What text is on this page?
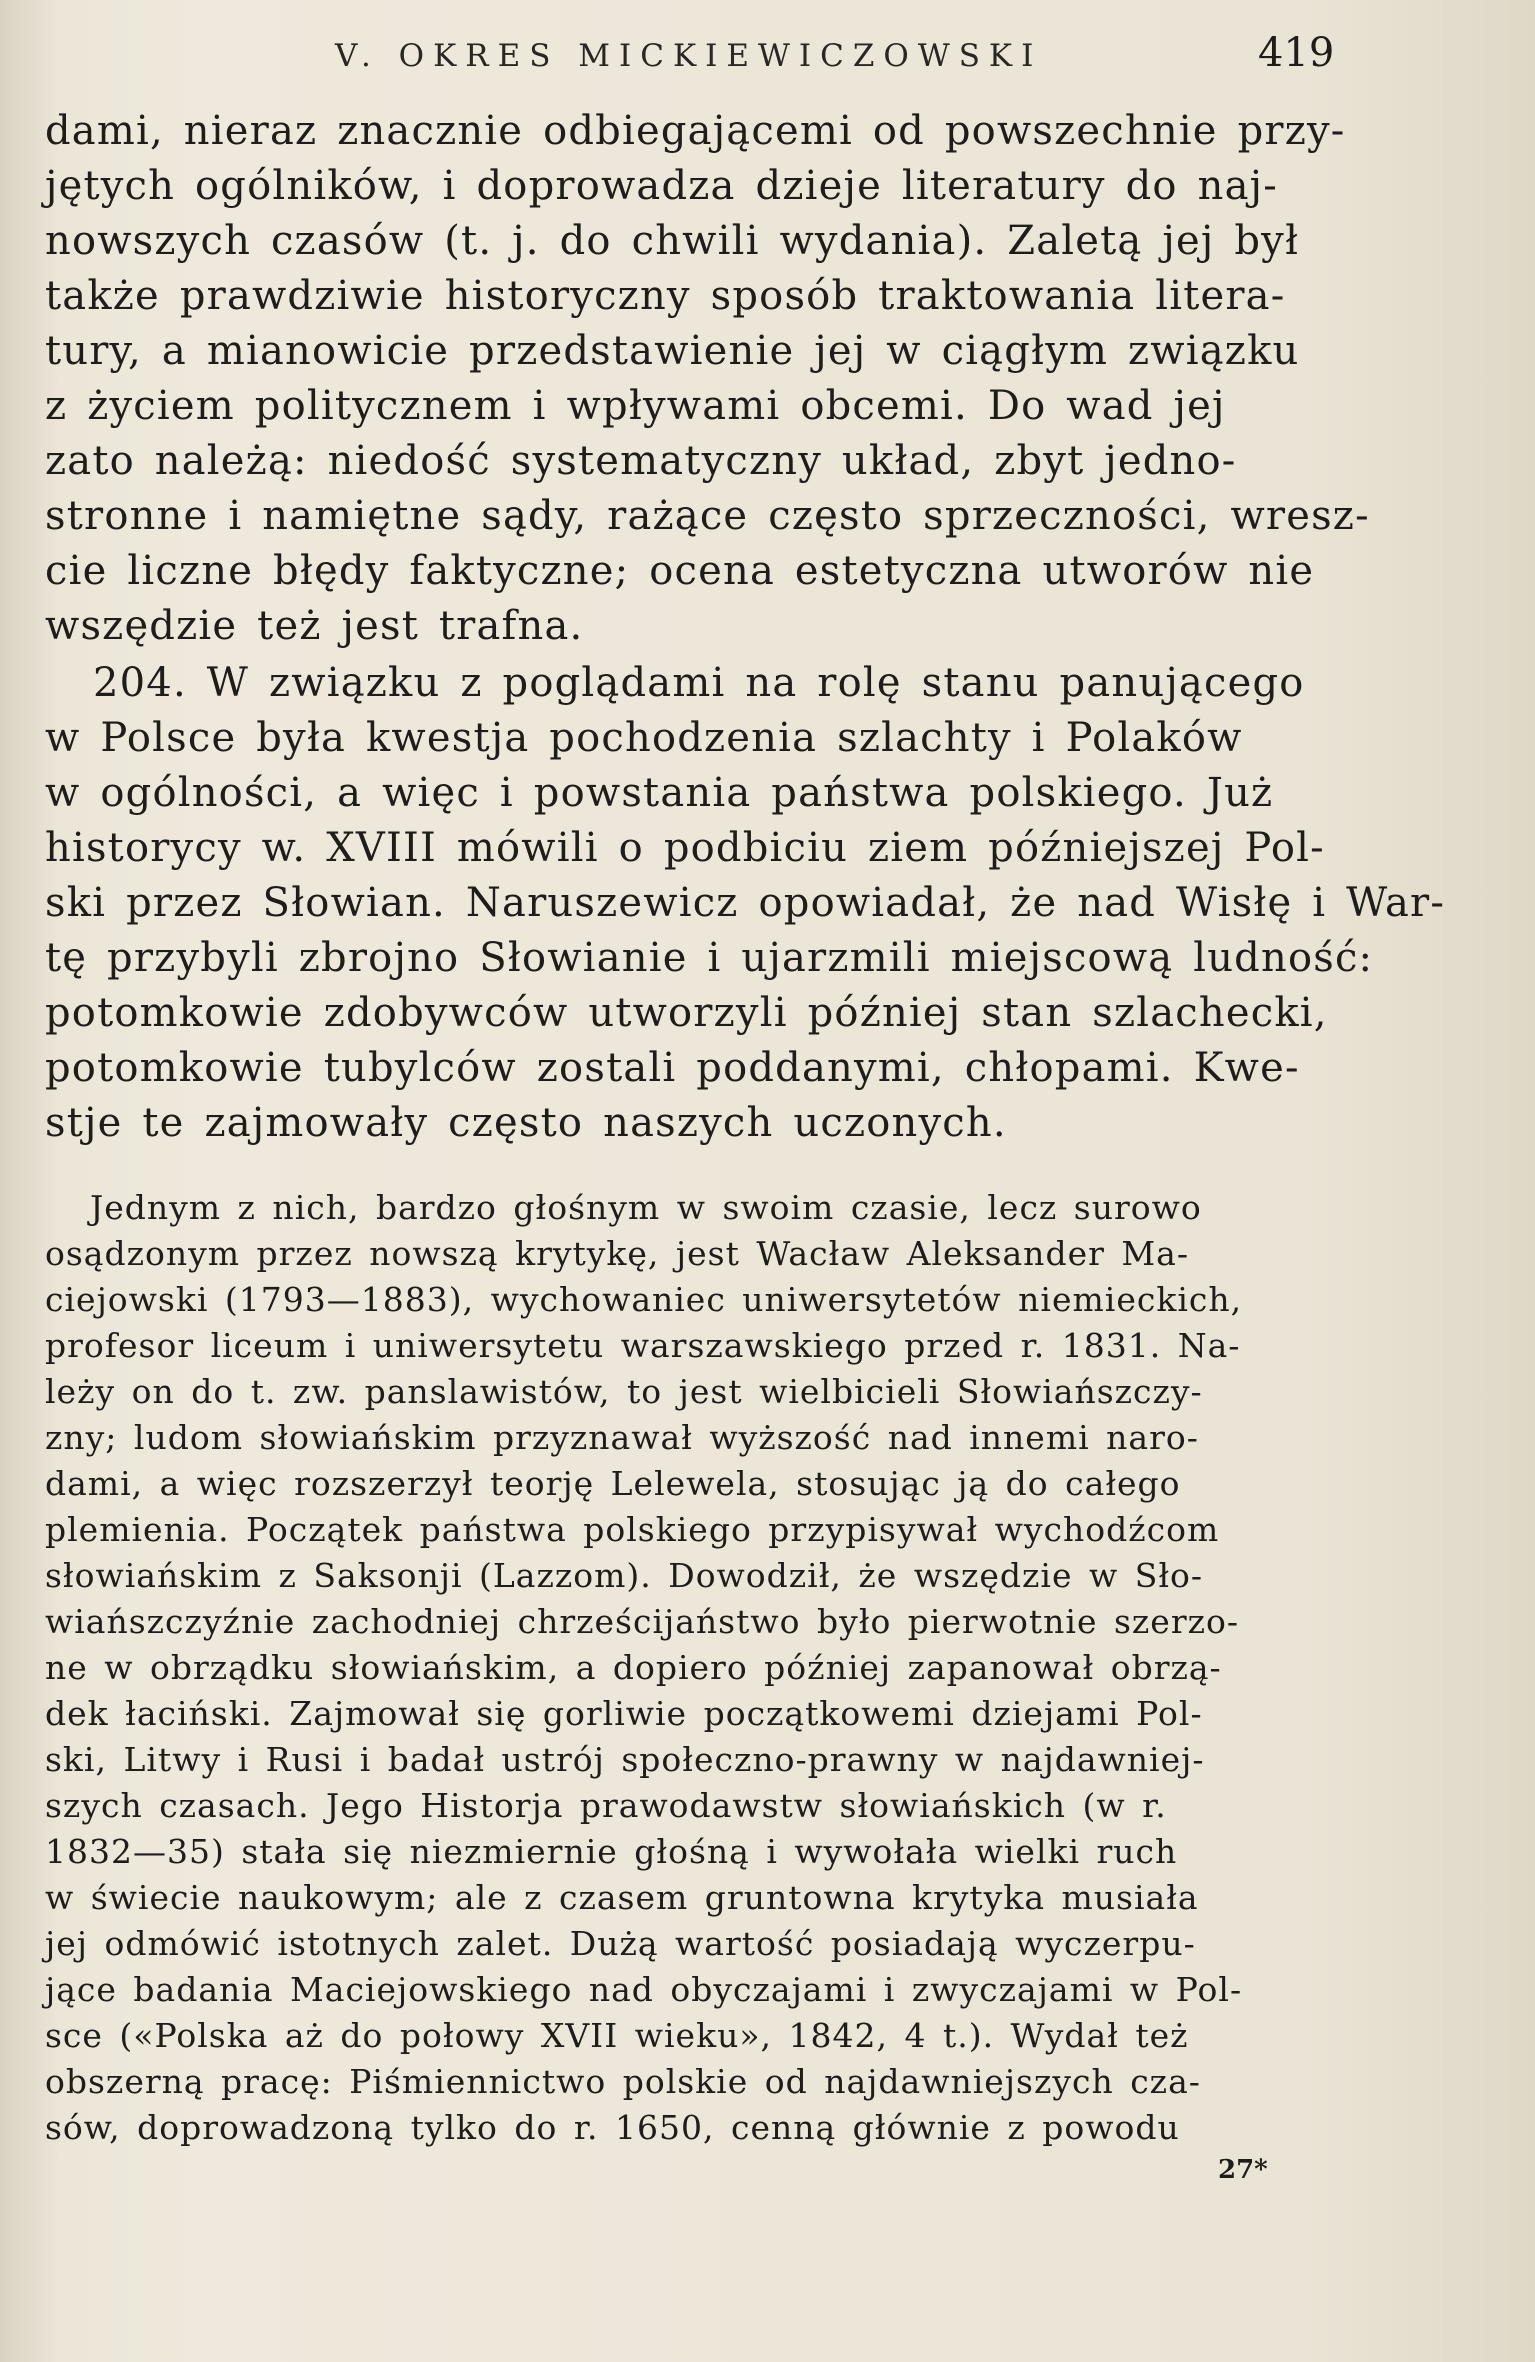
V. OKRES MICKIEWICZOWSKI	419
dami, nieraz znacznie odbiegającemi od powszechnie przy-
jętych ogólników, i doprowadza dzieje literatury do naj-
nowszych czasów (t. j. do chwili wydania). Zaletą jej był
także prawdziwie historyczny sposób traktowania litera-
tury, a mianowicie przedstawienie jej w ciągłym związku
z życiem politycznem i wpływami obcemi. Do wad jej
zato należą: niedość systematyczny układ, zbyt jedno-
stronne i namiętne sądy, rażące często sprzeczności, wresz-
cie liczne błędy faktyczne; ocena estetyczna utworów nie
wszędzie też jest trafna.
204. W związku z poglądami na rolę stanu panującego
w Polsce była kwestja pochodzenia szlachty i Polaków
w ogólności, a więc i powstania państwa polskiego. Już
historycy w. XVIII mówili o podbiciu ziem późniejszej Pol-
ski przez Słowian. Naruszewicz opowiadał, że nad Wisłę i War-
tę przybyli zbrojno Słowianie i ujarzmili miejscową ludność:
potomkowie zdobywców utworzyli później stan szlachecki,
potomkowie tubylców zostali poddanymi, chłopami. Kwe-
stje te zajmowały często naszych uczonych.
Jednym z nich, bardzo głośnym w swoim czasie, lecz surowo
osądzonym przez nowszą krytykę, jest Wacław Aleksander Ma-
ciejowski (1793—1883), wychowaniec uniwersytetów niemieckich,
profesor liceum i uniwersytetu warszawskiego przed r. 1831. Na-
leży on do t. zw. panslawistów, to jest wielbicieli Słowiańszczy-
zny; ludom słowiańskim przyznawał wyższość nad innemi naro-
dami, a więc rozszerzył teorję Lelewela, stosując ją do całego
plemienia. Początek państwa polskiego przypisywał wychodźcom
słowiańskim z Saksonji (Lazzom). Dowodził, że wszędzie w Sło-
wiańszczyźnie zachodniej chrześcijaństwo było pierwotnie szerzo-
ne w obrządku słowiańskim, a dopiero później zapanował obrzą-
dek łaciński. Zajmował się gorliwie początkowemi dziejami Pol-
ski, Litwy i Rusi i badał ustrój społeczno-prawny w najdawniej-
szych czasach. Jego Historja prawodawstw słowiańskich (w r.
1832—35) stała się niezmiernie głośną i wywołała wielki ruch
w świecie naukowym; ale z czasem gruntowna krytyka musiała
jej odmówić istotnych zalet. Dużą wartość posiadają wyczerpu-
jące badania Maciejowskiego nad obyczajami i zwyczajami w Pol-
sce («Polska aż do połowy XVII wieku», 1842, 4 t.). Wydał też
obszerną pracę: Piśmiennictwo polskie od najdawniejszych cza-
sów, doprowadzoną tylko do r. 1650, cenną głównie z powodu
27*
